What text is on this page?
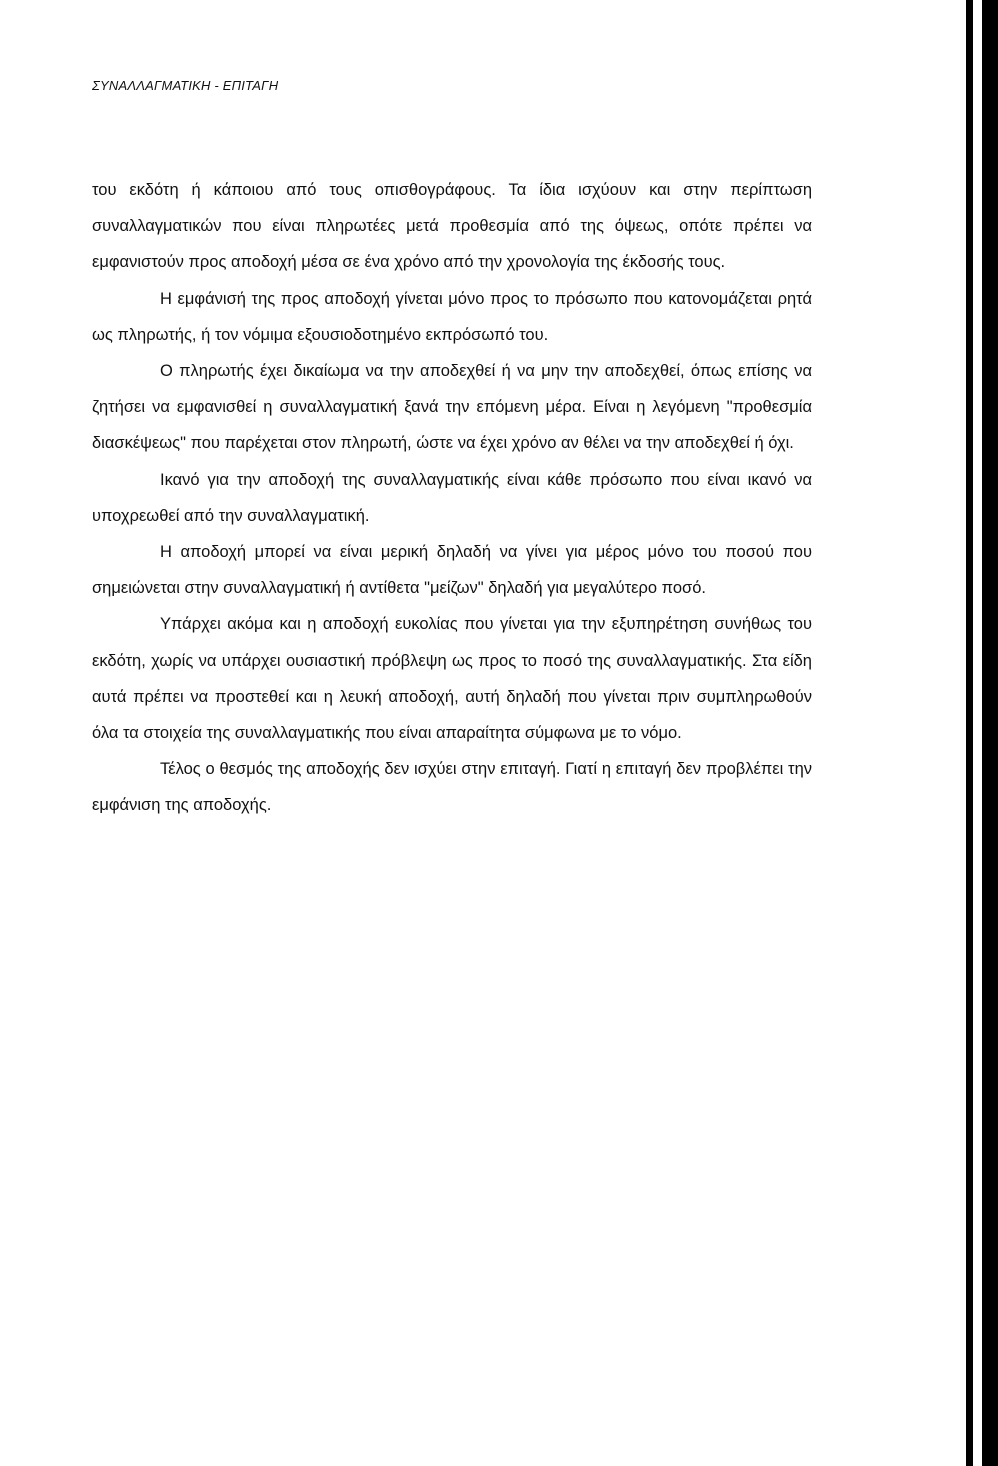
ΣΥΝΑΛΛΑΓΜΑΤΙΚΗ - ΕΠΙΤΑΓΗ

του εκδότη ή κάποιου από τους οπισθογράφους. Τα ίδια ισχύουν και στην περίπτωση συναλλαγματικών που είναι πληρωτέες μετά προθεσμία από της όψεως, οπότε πρέπει να εμφανιστούν προς αποδοχή μέσα σε ένα χρόνο από την χρονολογία της έκδοσής τους.

Η εμφάνισή της προς αποδοχή γίνεται μόνο προς το πρόσωπο που κατονομάζεται ρητά ως πληρωτής, ή τον νόμιμα εξουσιοδοτημένο εκπρόσωπό του.

Ο πληρωτής έχει δικαίωμα να την αποδεχθεί ή να μην την αποδεχθεί, όπως επίσης να ζητήσει να εμφανισθεί η συναλλαγματική ξανά την επόμενη μέρα. Είναι η λεγόμενη "προθεσμία διασκέψεως" που παρέχεται στον πληρωτή, ώστε να έχει χρόνο αν θέλει να την αποδεχθεί ή όχι.

Ικανό για την αποδοχή της συναλλαγματικής είναι κάθε πρόσωπο που είναι ικανό να υποχρεωθεί από την συναλλαγματική.

Η αποδοχή μπορεί να είναι μερική δηλαδή να γίνει για μέρος μόνο του ποσού που σημειώνεται στην συναλλαγματική ή αντίθετα "μείζων" δηλαδή για μεγαλύτερο ποσό.

Υπάρχει ακόμα και η αποδοχή ευκολίας που γίνεται για την εξυπηρέτηση συνήθως του εκδότη, χωρίς να υπάρχει ουσιαστική πρόβλεψη ως προς το ποσό της συναλλαγματικής. Στα είδη αυτά πρέπει να προστεθεί και η λευκή αποδοχή, αυτή δηλαδή που γίνεται πριν συμπληρωθούν όλα τα στοιχεία της συναλλαγματικής που είναι απαραίτητα σύμφωνα με το νόμο.

Τέλος ο θεσμός της αποδοχής δεν ισχύει στην επιταγή. Γιατί η επιταγή δεν προβλέπει την εμφάνιση της αποδοχής.
